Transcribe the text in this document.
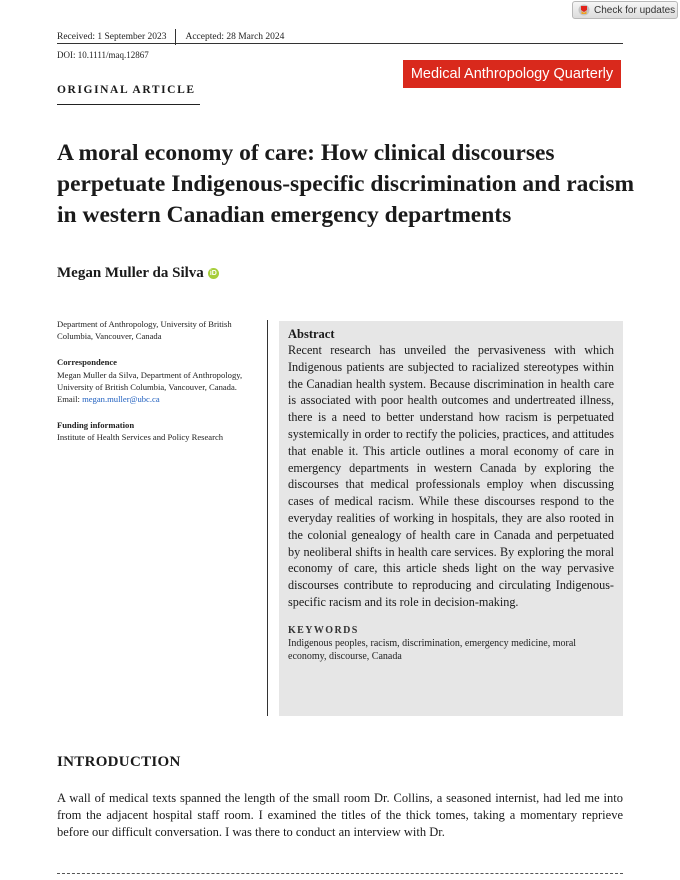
Check for updates
Received: 1 September 2023 Accepted: 28 March 2024
DOI: 10.1111/maq.12867
Medical Anthropology Quarterly
ORIGINAL ARTICLE
A moral economy of care: How clinical discourses perpetuate Indigenous-specific discrimination and racism in western Canadian emergency departments
Megan Muller da Silva iD
Department of Anthropology, University of British Columbia, Vancouver, Canada
Correspondence
Megan Muller da Silva, Department of Anthropology, University of British Columbia, Vancouver, Canada.
Email: megan.muller@ubc.ca
Funding information
Institute of Health Services and Policy Research
Abstract

Recent research has unveiled the pervasiveness with which Indigenous patients are subjected to racialized stereotypes within the Canadian health system. Because discrimination in health care is associated with poor health outcomes and undertreated illness, there is a need to better understand how racism is perpetuated systemically in order to rectify the policies, practices, and attitudes that enable it. This article outlines a moral economy of care in emergency departments in western Canada by exploring the discourses that medical professionals employ when discussing cases of medical racism. While these discourses respond to the everyday realities of working in hospitals, they are also rooted in the colonial genealogy of health care in Canada and perpetuated by neoliberal shifts in health care services. By exploring the moral economy of care, this article sheds light on the way pervasive discourses contribute to reproducing and circulating Indigenous-specific racism and its role in decision-making.

KEYWORDS
Indigenous peoples, racism, discrimination, emergency medicine, moral economy, discourse, Canada
INTRODUCTION

A wall of medical texts spanned the length of the small room Dr. Collins, a seasoned internist, had led me into from the adjacent hospital staff room. I examined the titles of the thick tomes, taking a momentary reprieve before our difficult conversation. I was there to conduct an interview with Dr.
